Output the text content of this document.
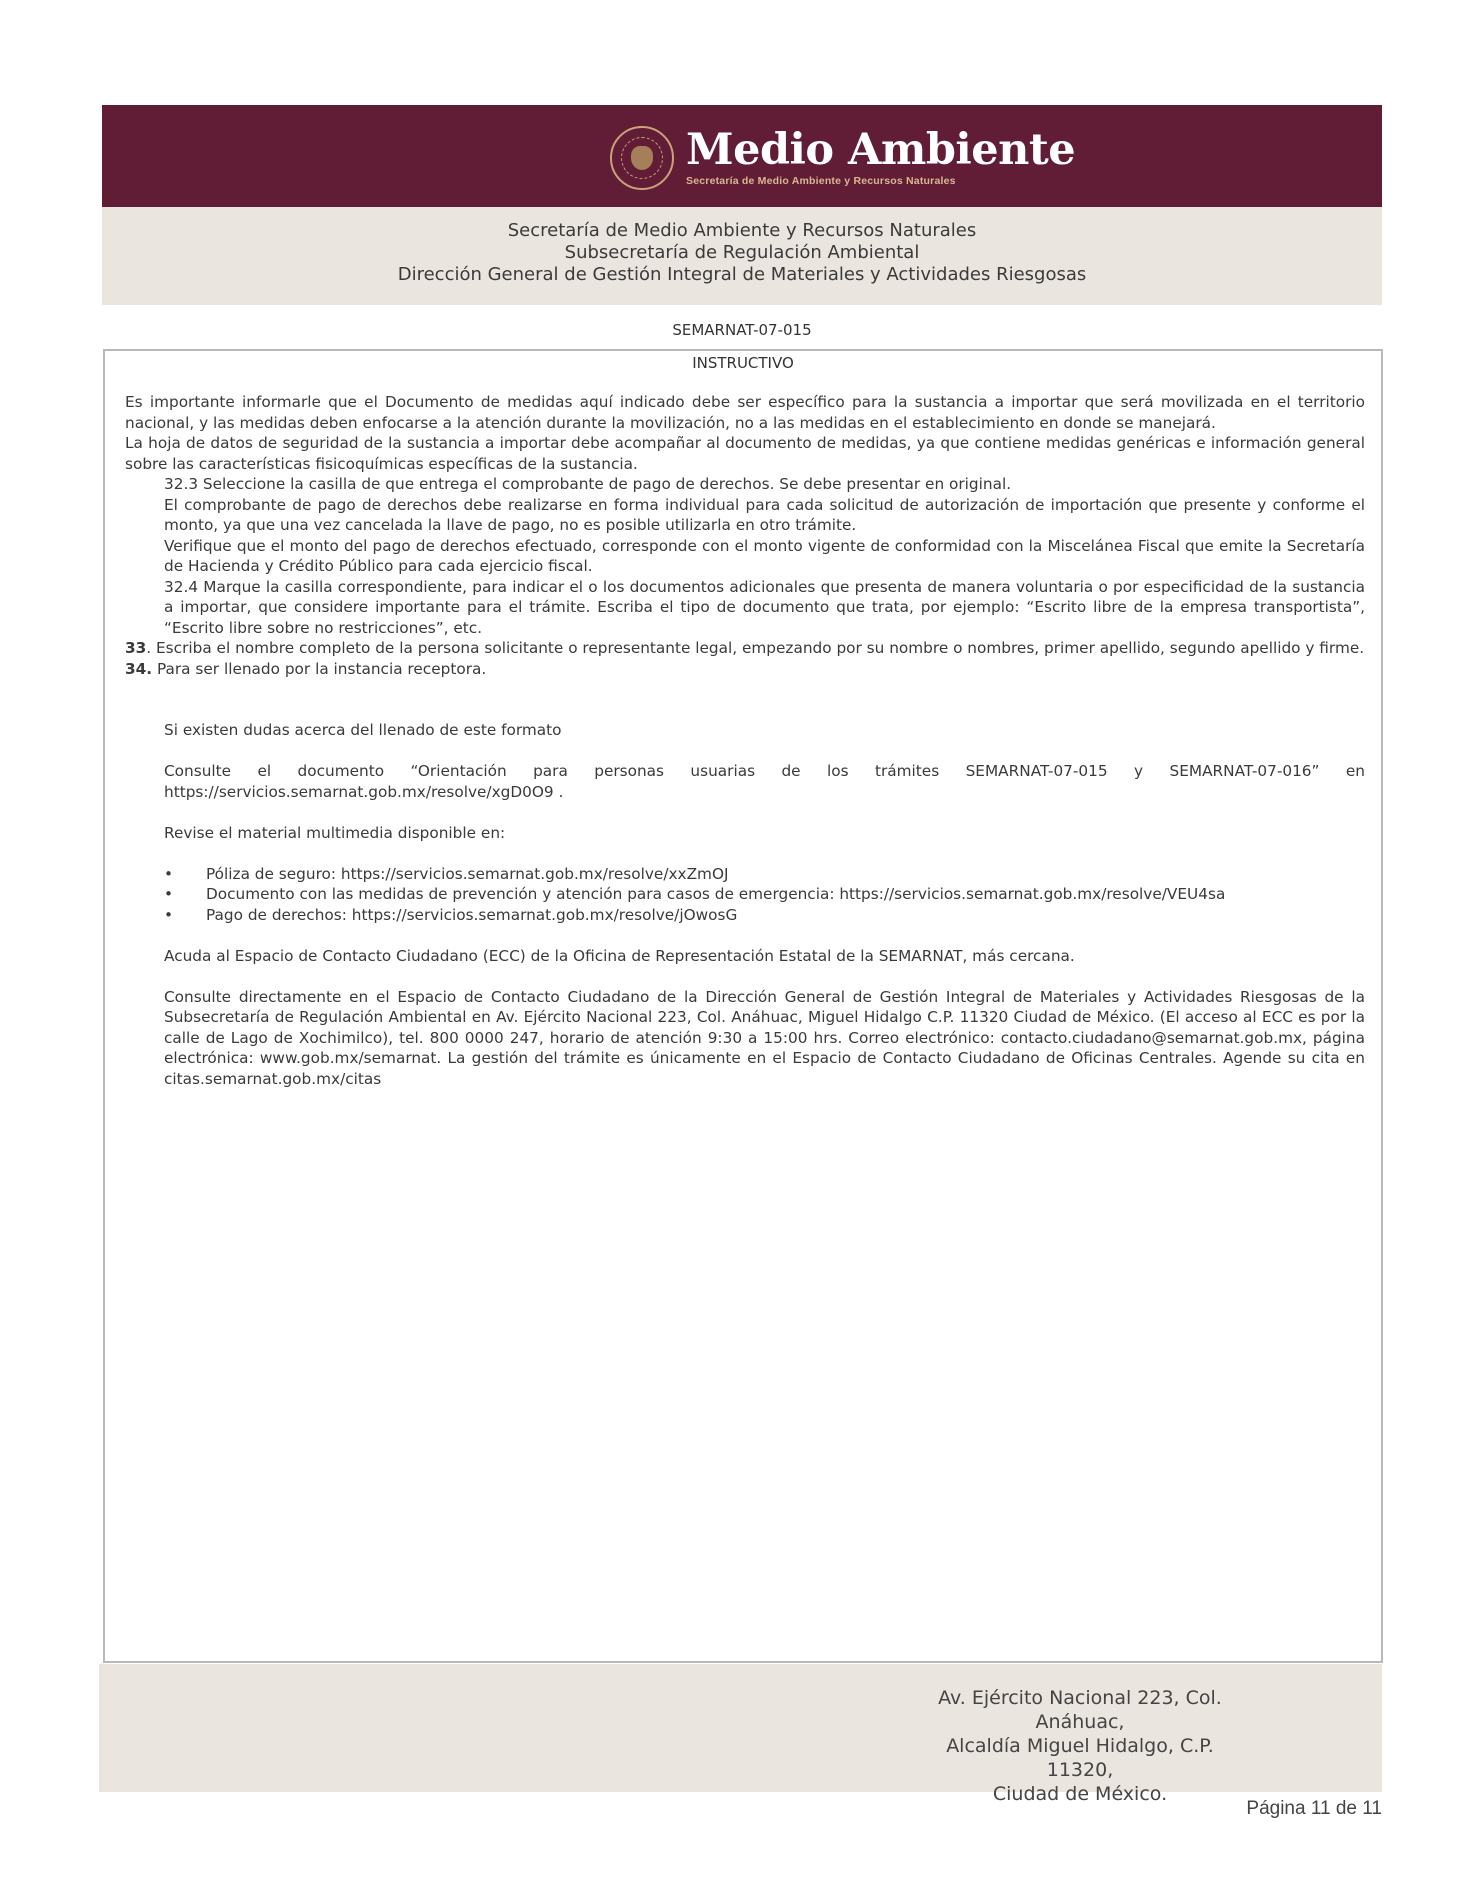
Medio Ambiente
Secretaría de Medio Ambiente y Recursos Naturales
Secretaría de Medio Ambiente y Recursos Naturales
Subsecretaría de Regulación Ambiental
Dirección General de Gestión Integral de Materiales y Actividades Riesgosas
SEMARNAT-07-015
INSTRUCTIVO

Es importante informarle que el Documento de medidas aquí indicado debe ser específico para la sustancia a importar que será movilizada en el territorio nacional, y las medidas deben enfocarse a la atención durante la movilización, no a las medidas en el establecimiento en donde se manejará.

La hoja de datos de seguridad de la sustancia a importar debe acompañar al documento de medidas, ya que contiene medidas genéricas e información general sobre las características fisicoquímicas específicas de la sustancia.

32.3 Seleccione la casilla de que entrega el comprobante de pago de derechos. Se debe presentar en original.

El comprobante de pago de derechos debe realizarse en forma individual para cada solicitud de autorización de importación que presente y conforme el monto, ya que una vez cancelada la llave de pago, no es posible utilizarla en otro trámite.

Verifique que el monto del pago de derechos efectuado, corresponde con el monto vigente de conformidad con la Miscelánea Fiscal que emite la Secretaría de Hacienda y Crédito Público para cada ejercicio fiscal.

32.4 Marque la casilla correspondiente, para indicar el o los documentos adicionales que presenta de manera voluntaria o por especificidad de la sustancia a importar, que considere importante para el trámite. Escriba el tipo de documento que trata, por ejemplo: “Escrito libre de la empresa transportista”, “Escrito libre sobre no restricciones”, etc.

33. Escriba el nombre completo de la persona solicitante o representante legal, empezando por su nombre o nombres, primer apellido, segundo apellido y firme.

34. Para ser llenado por la instancia receptora.

Si existen dudas acerca del llenado de este formato

Consulte el documento “Orientación para personas usuarias de los trámites SEMARNAT-07-015 y SEMARNAT-07-016” en https://servicios.semarnat.gob.mx/resolve/xgD0O9 .

Revise el material multimedia disponible en:

• Póliza de seguro: https://servicios.semarnat.gob.mx/resolve/xxZmOJ
• Documento con las medidas de prevención y atención para casos de emergencia: https://servicios.semarnat.gob.mx/resolve/VEU4sa
• Pago de derechos: https://servicios.semarnat.gob.mx/resolve/jOwosG

Acuda al Espacio de Contacto Ciudadano (ECC) de la Oficina de Representación Estatal de la SEMARNAT, más cercana.

Consulte directamente en el Espacio de Contacto Ciudadano de la Dirección General de Gestión Integral de Materiales y Actividades Riesgosas de la Subsecretaría de Regulación Ambiental en Av. Ejército Nacional 223, Col. Anáhuac, Miguel Hidalgo C.P. 11320 Ciudad de México. (El acceso al ECC es por la calle de Lago de Xochimilco), tel. 800 0000 247, horario de atención 9:30 a 15:00 hrs. Correo electrónico: contacto.ciudadano@semarnat.gob.mx, página electrónica: www.gob.mx/semarnat. La gestión del trámite es únicamente en el Espacio de Contacto Ciudadano de Oficinas Centrales. Agende su cita en citas.semarnat.gob.mx/citas

Av. Ejército Nacional 223, Col. Anáhuac,
Alcaldía Miguel Hidalgo, C.P. 11320,
Ciudad de México.
Página 11 de 11
